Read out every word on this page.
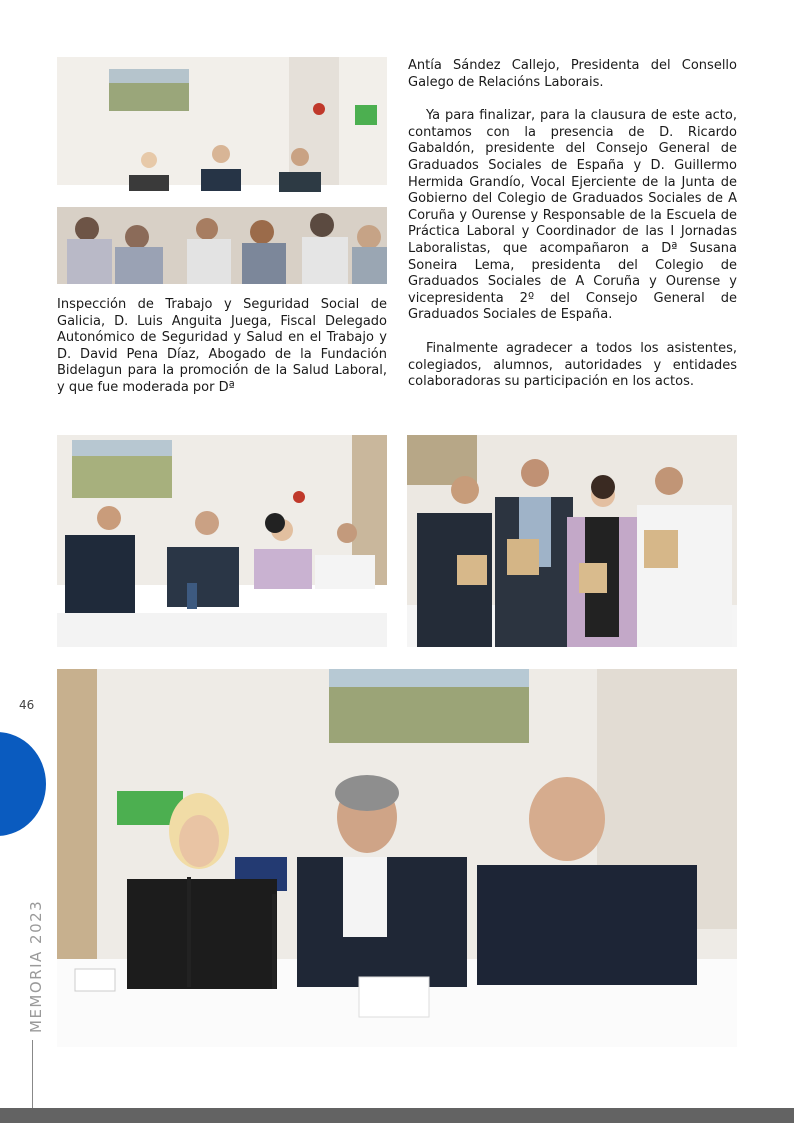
Inspección de Trabajo y Seguridad Social de Galicia, D. Luis Anguita Juega, Fiscal Delegado Autonómico de Seguridad y Salud en el Trabajo y D. David Pena Díaz, Abogado de la Fundación Bidelagun para la promoción de la Salud Laboral, y que fue moderada por Dª

Antía Sández Callejo, Presidenta del Consello Galego de Relacións Laborais.

Ya para finalizar, para la clausura de este acto, contamos con la presencia de D. Ricardo Gabaldón, presidente del Consejo General de Graduados Sociales de España y D. Guillermo Hermida Grandío, Vocal Ejerciente de la Junta de Gobierno del Colegio de Graduados Sociales de A Coruña y Ourense y Responsable de la Escuela de Práctica Laboral y Coordinador de las I Jornadas Laboralistas, que acompañaron a Dª Susana Soneira Lema, presidenta del Colegio de Graduados Sociales de A Coruña y Ourense y vicepresidenta 2º del Consejo General de Graduados Sociales de España.

Finalmente agradecer a todos los asistentes, colegiados, alumnos, autoridades y entidades colaboradoras su participación en los actos.

46
MEMORIA 2023
